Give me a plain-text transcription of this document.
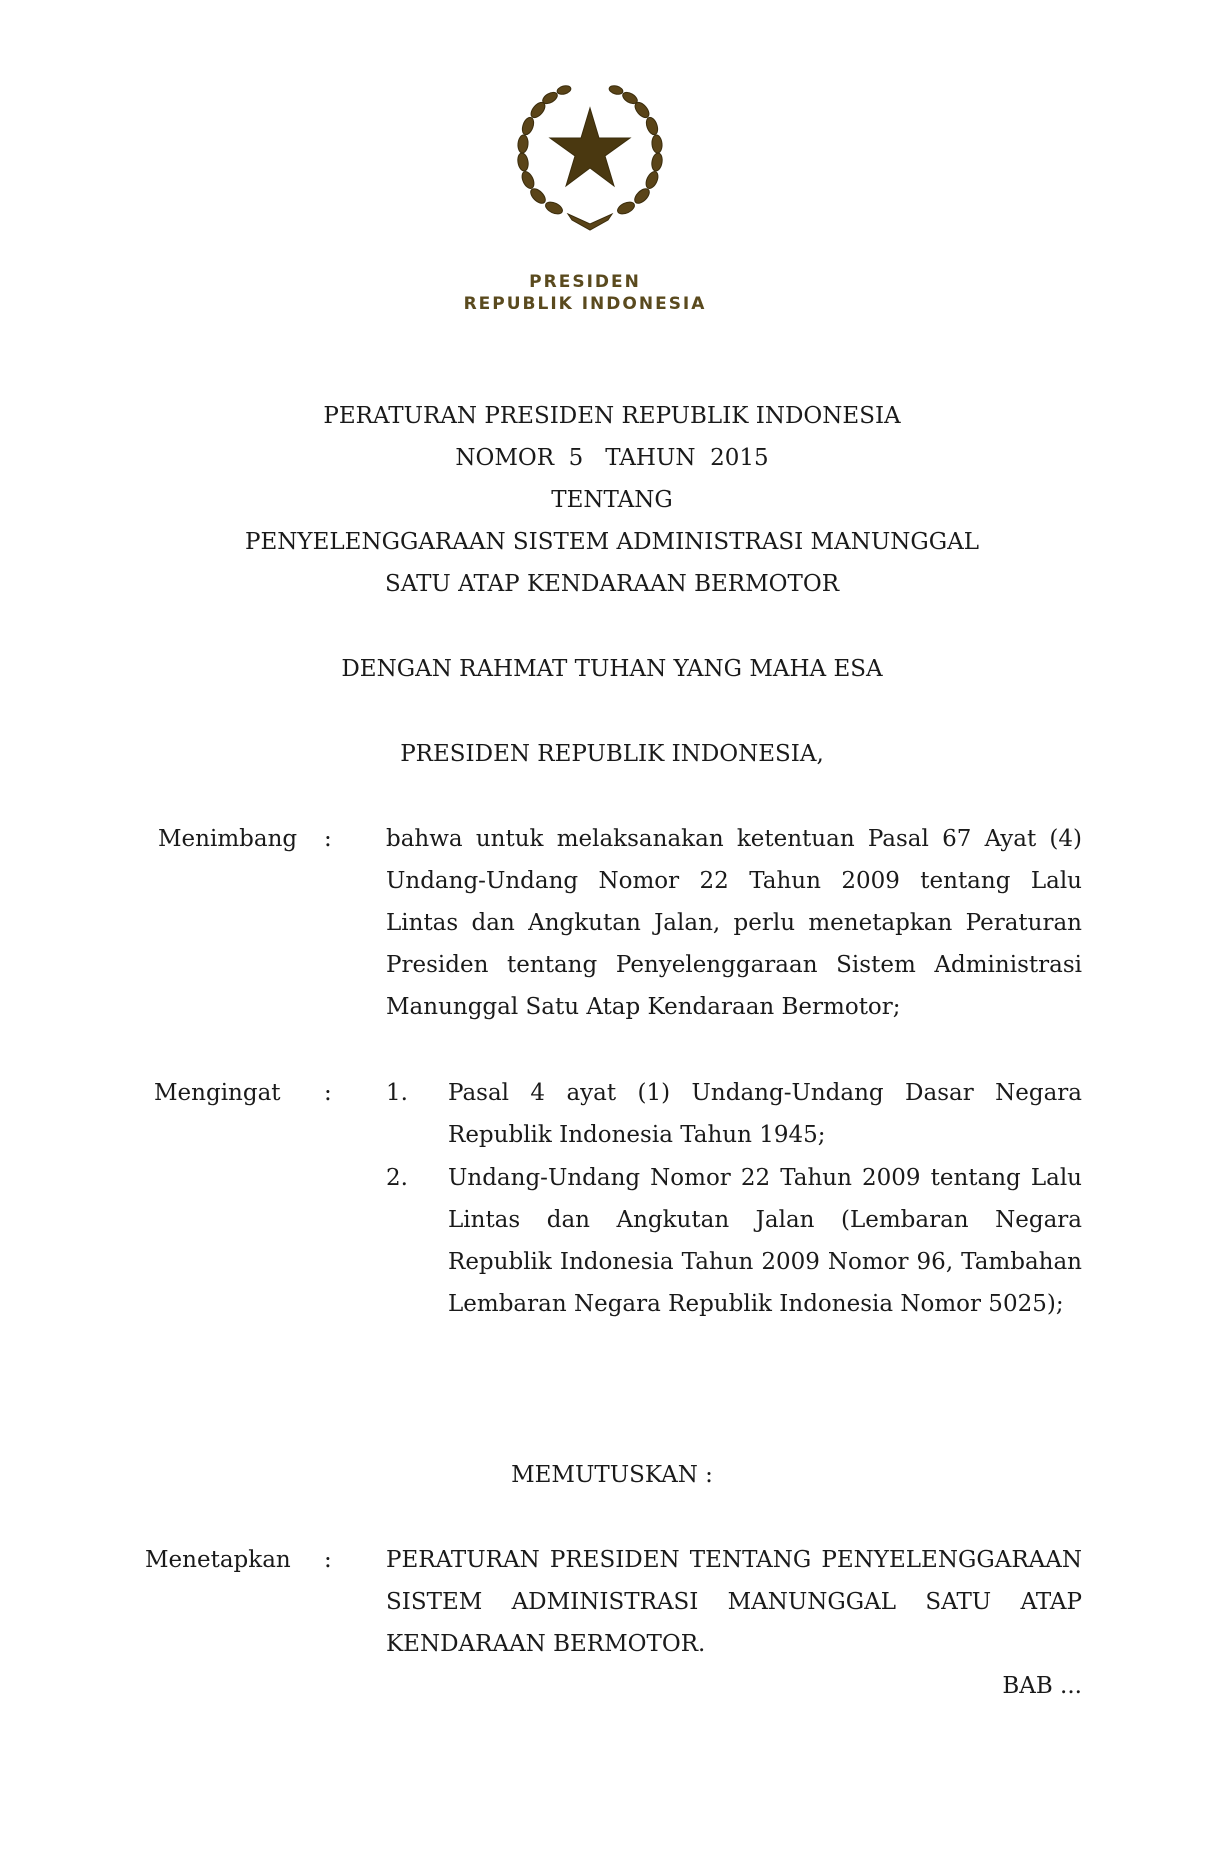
PRESIDEN
REPUBLIK INDONESIA
PERATURAN PRESIDEN REPUBLIK INDONESIA
NOMOR  5   TAHUN  2015
TENTANG
PENYELENGGARAAN SISTEM ADMINISTRASI MANUNGGAL
SATU ATAP KENDARAAN BERMOTOR
DENGAN RAHMAT TUHAN YANG MAHA ESA
PRESIDEN REPUBLIK INDONESIA,
Menimbang : bahwa untuk melaksanakan ketentuan Pasal 67 Ayat (4) Undang-Undang Nomor 22 Tahun 2009 tentang Lalu Lintas dan Angkutan Jalan, perlu menetapkan Peraturan Presiden tentang Penyelenggaraan Sistem Administrasi Manunggal Satu Atap Kendaraan Bermotor;
Mengingat : 1. Pasal 4 ayat (1) Undang-Undang Dasar Negara Republik Indonesia Tahun 1945;
2. Undang-Undang Nomor 22 Tahun 2009 tentang Lalu Lintas dan Angkutan Jalan (Lembaran Negara Republik Indonesia Tahun 2009 Nomor 96, Tambahan Lembaran Negara Republik Indonesia Nomor 5025);
MEMUTUSKAN :
Menetapkan : PERATURAN PRESIDEN TENTANG PENYELENGGARAAN SISTEM ADMINISTRASI MANUNGGAL SATU ATAP KENDARAAN BERMOTOR.
BAB ...
